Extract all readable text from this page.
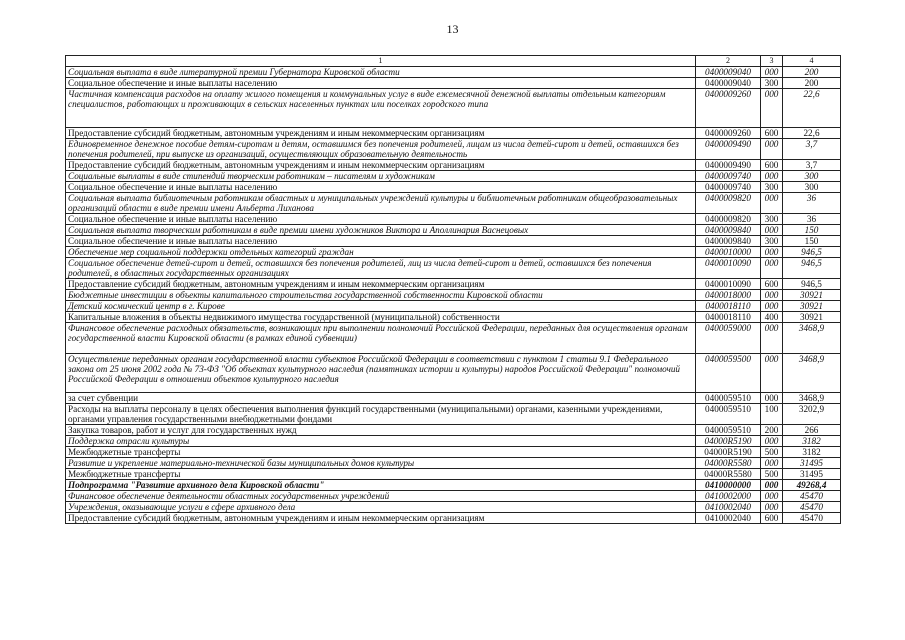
13
1	2	3	4
Социальная выплата в виде литературной премии Губернатора Кировской области	0400009040	000	200
Социальное обеспечение и иные выплаты населению	0400009040	300	200
Частичная компенсация расходов на оплату жилого помещения и коммунальных услуг в виде ежемесячной денежной выплаты отдельным категориям специалистов, работающих и проживающих в сельских населенных пунктах или поселках городского типа	0400009260	000	22,6
Предоставление субсидий бюджетным, автономным учреждениям и иным некоммерческим организациям	0400009260	600	22,6
Единовременное денежное пособие детям-сиротам и детям, оставшимся без попечения родителей, лицам из числа детей-сирот и детей, оставшихся без попечения родителей, при выпуске из организаций, осуществляющих образовательную деятельность	0400009490	000	3,7
Предоставление субсидий бюджетным, автономным учреждениям и иным некоммерческим организациям	0400009490	600	3,7
Социальные выплаты в виде стипендий творческим работникам – писателям и художникам	0400009740	000	300
Социальное обеспечение и иные выплаты населению	0400009740	300	300
Социальная выплата библиотечным работникам областных и муниципальных учреждений культуры и библиотечным работникам общеобразовательных организаций области в виде премии имени Альберта Лиханова	0400009820	000	36
Социальное обеспечение и иные выплаты населению	0400009820	300	36
Социальная выплата творческим работникам в виде премии имени художников Виктора и Аполлинария Васнецовых	0400009840	000	150
Социальное обеспечение и иные выплаты населению	0400009840	300	150
Обеспечение мер социальной поддержки отдельных категорий граждан	0400010000	000	946,5
Социальное обеспечение детей-сирот и детей, оставшихся без попечения родителей, лиц из числа детей-сирот и детей, оставшихся без попечения родителей, в областных государственных организациях	0400010090	000	946,5
Предоставление субсидий бюджетным, автономным учреждениям и иным некоммерческим организациям	0400010090	600	946,5
Бюджетные инвестиции в объекты капитального строительства государственной собственности Кировской области	0400018000	000	30921
Детский космический центр в г. Кирове	0400018110	000	30921
Капитальные вложения в объекты недвижимого имущества государственной (муниципальной) собственности	0400018110	400	30921
Финансовое обеспечение расходных обязательств, возникающих при выполнении полномочий Российской Федерации, переданных для осуществления органам государственной власти Кировской области (в рамках единой субвенции)	0400059000	000	3468,9
Осуществление переданных органам государственной власти субъектов Российской Федерации в соответствии с пунктом 1 статьи 9.1 Федерального закона от 25 июня 2002 года № 73-ФЗ "Об объектах культурного наследия (памятниках истории и культуры) народов Российской Федерации" полномочий Российской Федерации в отношении объектов культурного наследия	0400059500	000	3468,9
за счет субвенции	0400059510	000	3468,9
Расходы на выплаты персоналу в целях обеспечения выполнения функций государственными (муниципальными) органами, казенными учреждениями, органами управления государственными внебюджетными фондами	0400059510	100	3202,9
Закупка товаров, работ и услуг для государственных нужд	0400059510	200	266
Поддержка отрасли культуры	04000R5190	000	3182
Межбюджетные трансферты	04000R5190	500	3182
Развитие и укрепление материально-технической базы муниципальных домов культуры	04000R5580	000	31495
Межбюджетные трансферты	04000R5580	500	31495
Подпрограмма "Развитие архивного дела Кировской области"	0410000000	000	49268,4
Финансовое обеспечение деятельности областных государственных учреждений	0410002000	000	45470
Учреждения, оказывающие услуги в сфере архивного дела	0410002040	000	45470
Предоставление субсидий бюджетным, автономным учреждениям и иным некоммерческим организациям	0410002040	600	45470
